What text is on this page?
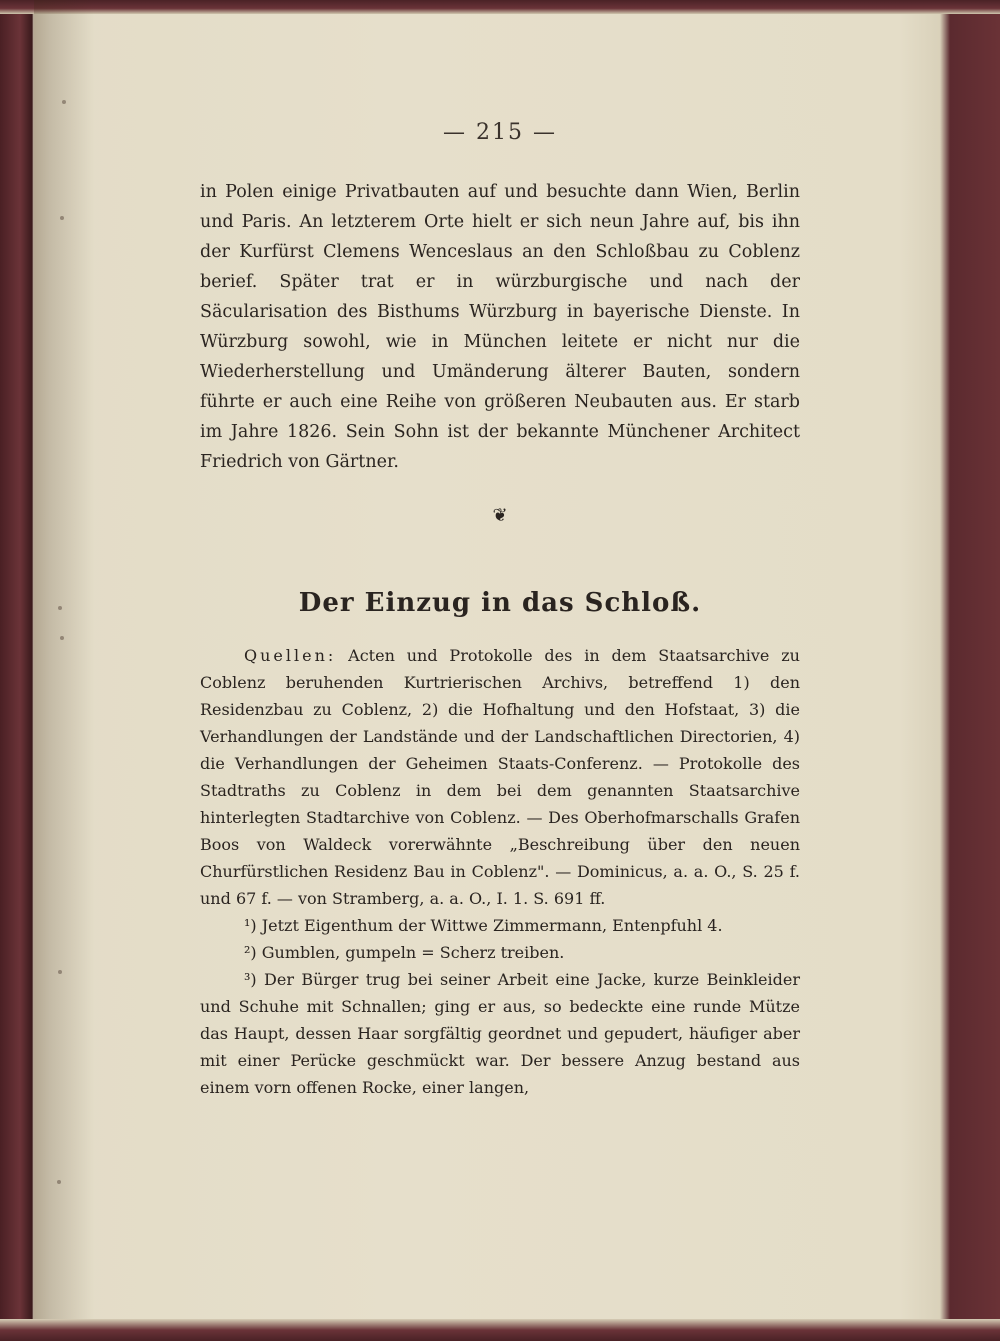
— 215 —

in Polen einige Privatbauten auf und besuchte dann Wien, Berlin und Paris. An letzterem Orte hielt er sich neun Jahre auf, bis ihn der Kurfürst Clemens Wenceslaus an den Schloßbau zu Coblenz berief. Später trat er in würzburgische und nach der Säcularisation des Bisthums Würzburg in bayerische Dienste. In Würzburg sowohl, wie in München leitete er nicht nur die Wiederherstellung und Umänderung älterer Bauten, sondern führte er auch eine Reihe von größeren Neubauten aus. Er starb im Jahre 1826. Sein Sohn ist der bekannte Münchener Architect Friedrich von Gärtner.

❦
Der Einzug in das Schloß.

Quellen: Acten und Protokolle des in dem Staatsarchive zu Coblenz beruhenden Kurtrierischen Archivs, betreffend 1) den Residenzbau zu Coblenz, 2) die Hofhaltung und den Hofstaat, 3) die Verhandlungen der Landstände und der Landschaftlichen Directorien, 4) die Verhandlungen der Geheimen Staats-Conferenz. — Protokolle des Stadtraths zu Coblenz in dem bei dem genannten Staatsarchive hinterlegten Stadtarchive von Coblenz. — Des Oberhofmarschalls Grafen Boos von Waldeck vorerwähnte „Beschreibung über den neuen Churfürstlichen Residenz Bau in Coblenz". — Dominicus, a. a. O., S. 25 f. und 67 f. — von Stramberg, a. a. O., I. 1. S. 691 ff.

¹) Jetzt Eigenthum der Wittwe Zimmermann, Entenpfuhl 4.

²) Gumblen, gumpeln = Scherz treiben.

³) Der Bürger trug bei seiner Arbeit eine Jacke, kurze Beinkleider und Schuhe mit Schnallen; ging er aus, so bedeckte eine runde Mütze das Haupt, dessen Haar sorgfältig geordnet und gepudert, häufiger aber mit einer Perücke geschmückt war. Der bessere Anzug bestand aus einem vorn offenen Rocke, einer langen,
